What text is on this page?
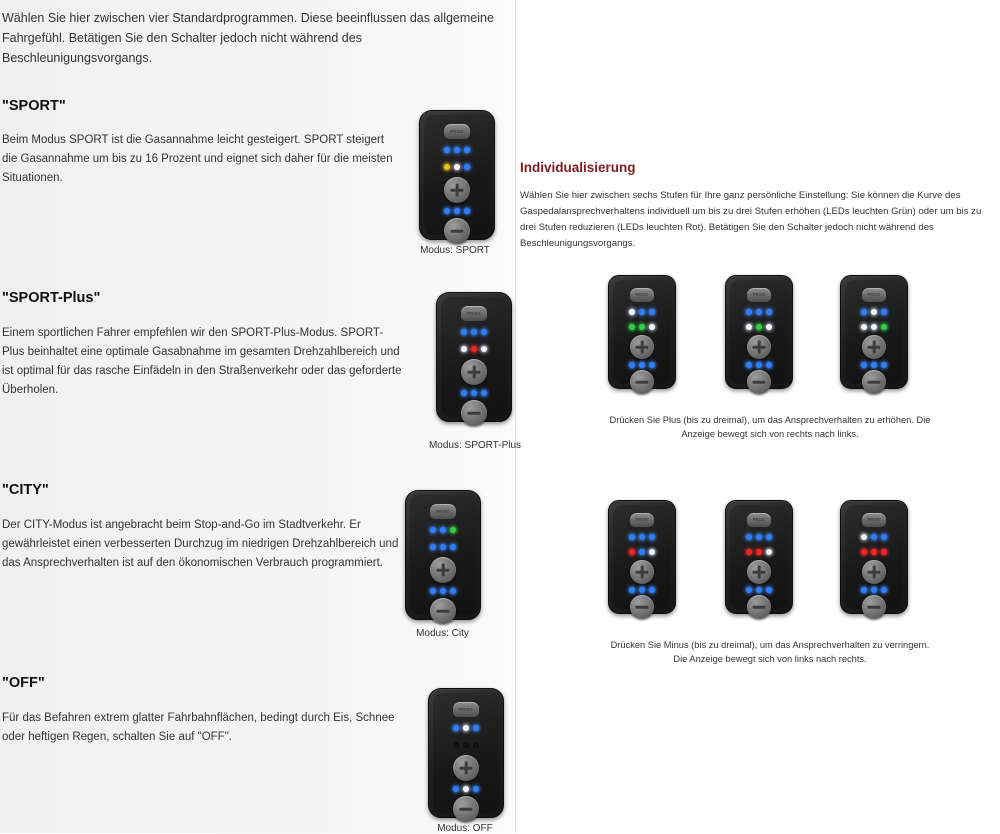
Wählen Sie hier zwischen vier Standardprogrammen. Diese beeinflussen das allgemeine Fahrgefühl. Betätigen Sie den Schalter jedoch nicht während des Beschleunigungsvorgangs.
"SPORT"
Beim Modus SPORT ist die Gasannahme leicht gesteigert. SPORT steigert die Gasannahme um bis zu 16 Prozent und eignet sich daher für die meisten Situationen.
PROG
Modus: SPORT
"SPORT-Plus"
Einem sportlichen Fahrer empfehlen wir den SPORT-Plus-Modus. SPORT-Plus beinhaltet eine optimale Gasabnahme im gesamten Drehzahlbereich und ist optimal für das rasche Einfädeln in den Straßenverkehr oder das geforderte Überholen.
PROG
Modus: SPORT-Plus
"CITY"
Der CITY-Modus ist angebracht beim Stop-and-Go im Stadtverkehr. Er gewährleistet einen verbesserten Durchzug im niedrigen Drehzahlbereich und das Ansprechverhalten ist auf den ökonomischen Verbrauch programmiert.
PROG
Modus: City
"OFF"
Für das Befahren extrem glatter Fahrbahnflächen, bedingt durch Eis, Schnee oder heftigen Regen, schalten Sie auf "OFF".
PROG
Modus: OFF
Individualisierung
Wählen Sie hier zwischen sechs Stufen für Ihre ganz persönliche Einstellung: Sie können die Kurve des Gaspedalansprechverhaltens individuell um bis zu drei Stufen erhöhen (LEDs leuchten Grün) oder um bis zu drei Stufen reduzieren (LEDs leuchten Rot). Betätigen Sie den Schalter jedoch nicht während des Beschleunigungsvorgangs.
PROG	PROG	PROG
Drücken Sie Plus (bis zu dreimal), um das Ansprechverhalten zu erhöhen. Die Anzeige bewegt sich von rechts nach links.
PROG	PROG	PROG
Drücken Sie Minus (bis zu dreimal), um das Ansprechverhalten zu verringern. Die Anzeige bewegt sich von links nach rechts.
